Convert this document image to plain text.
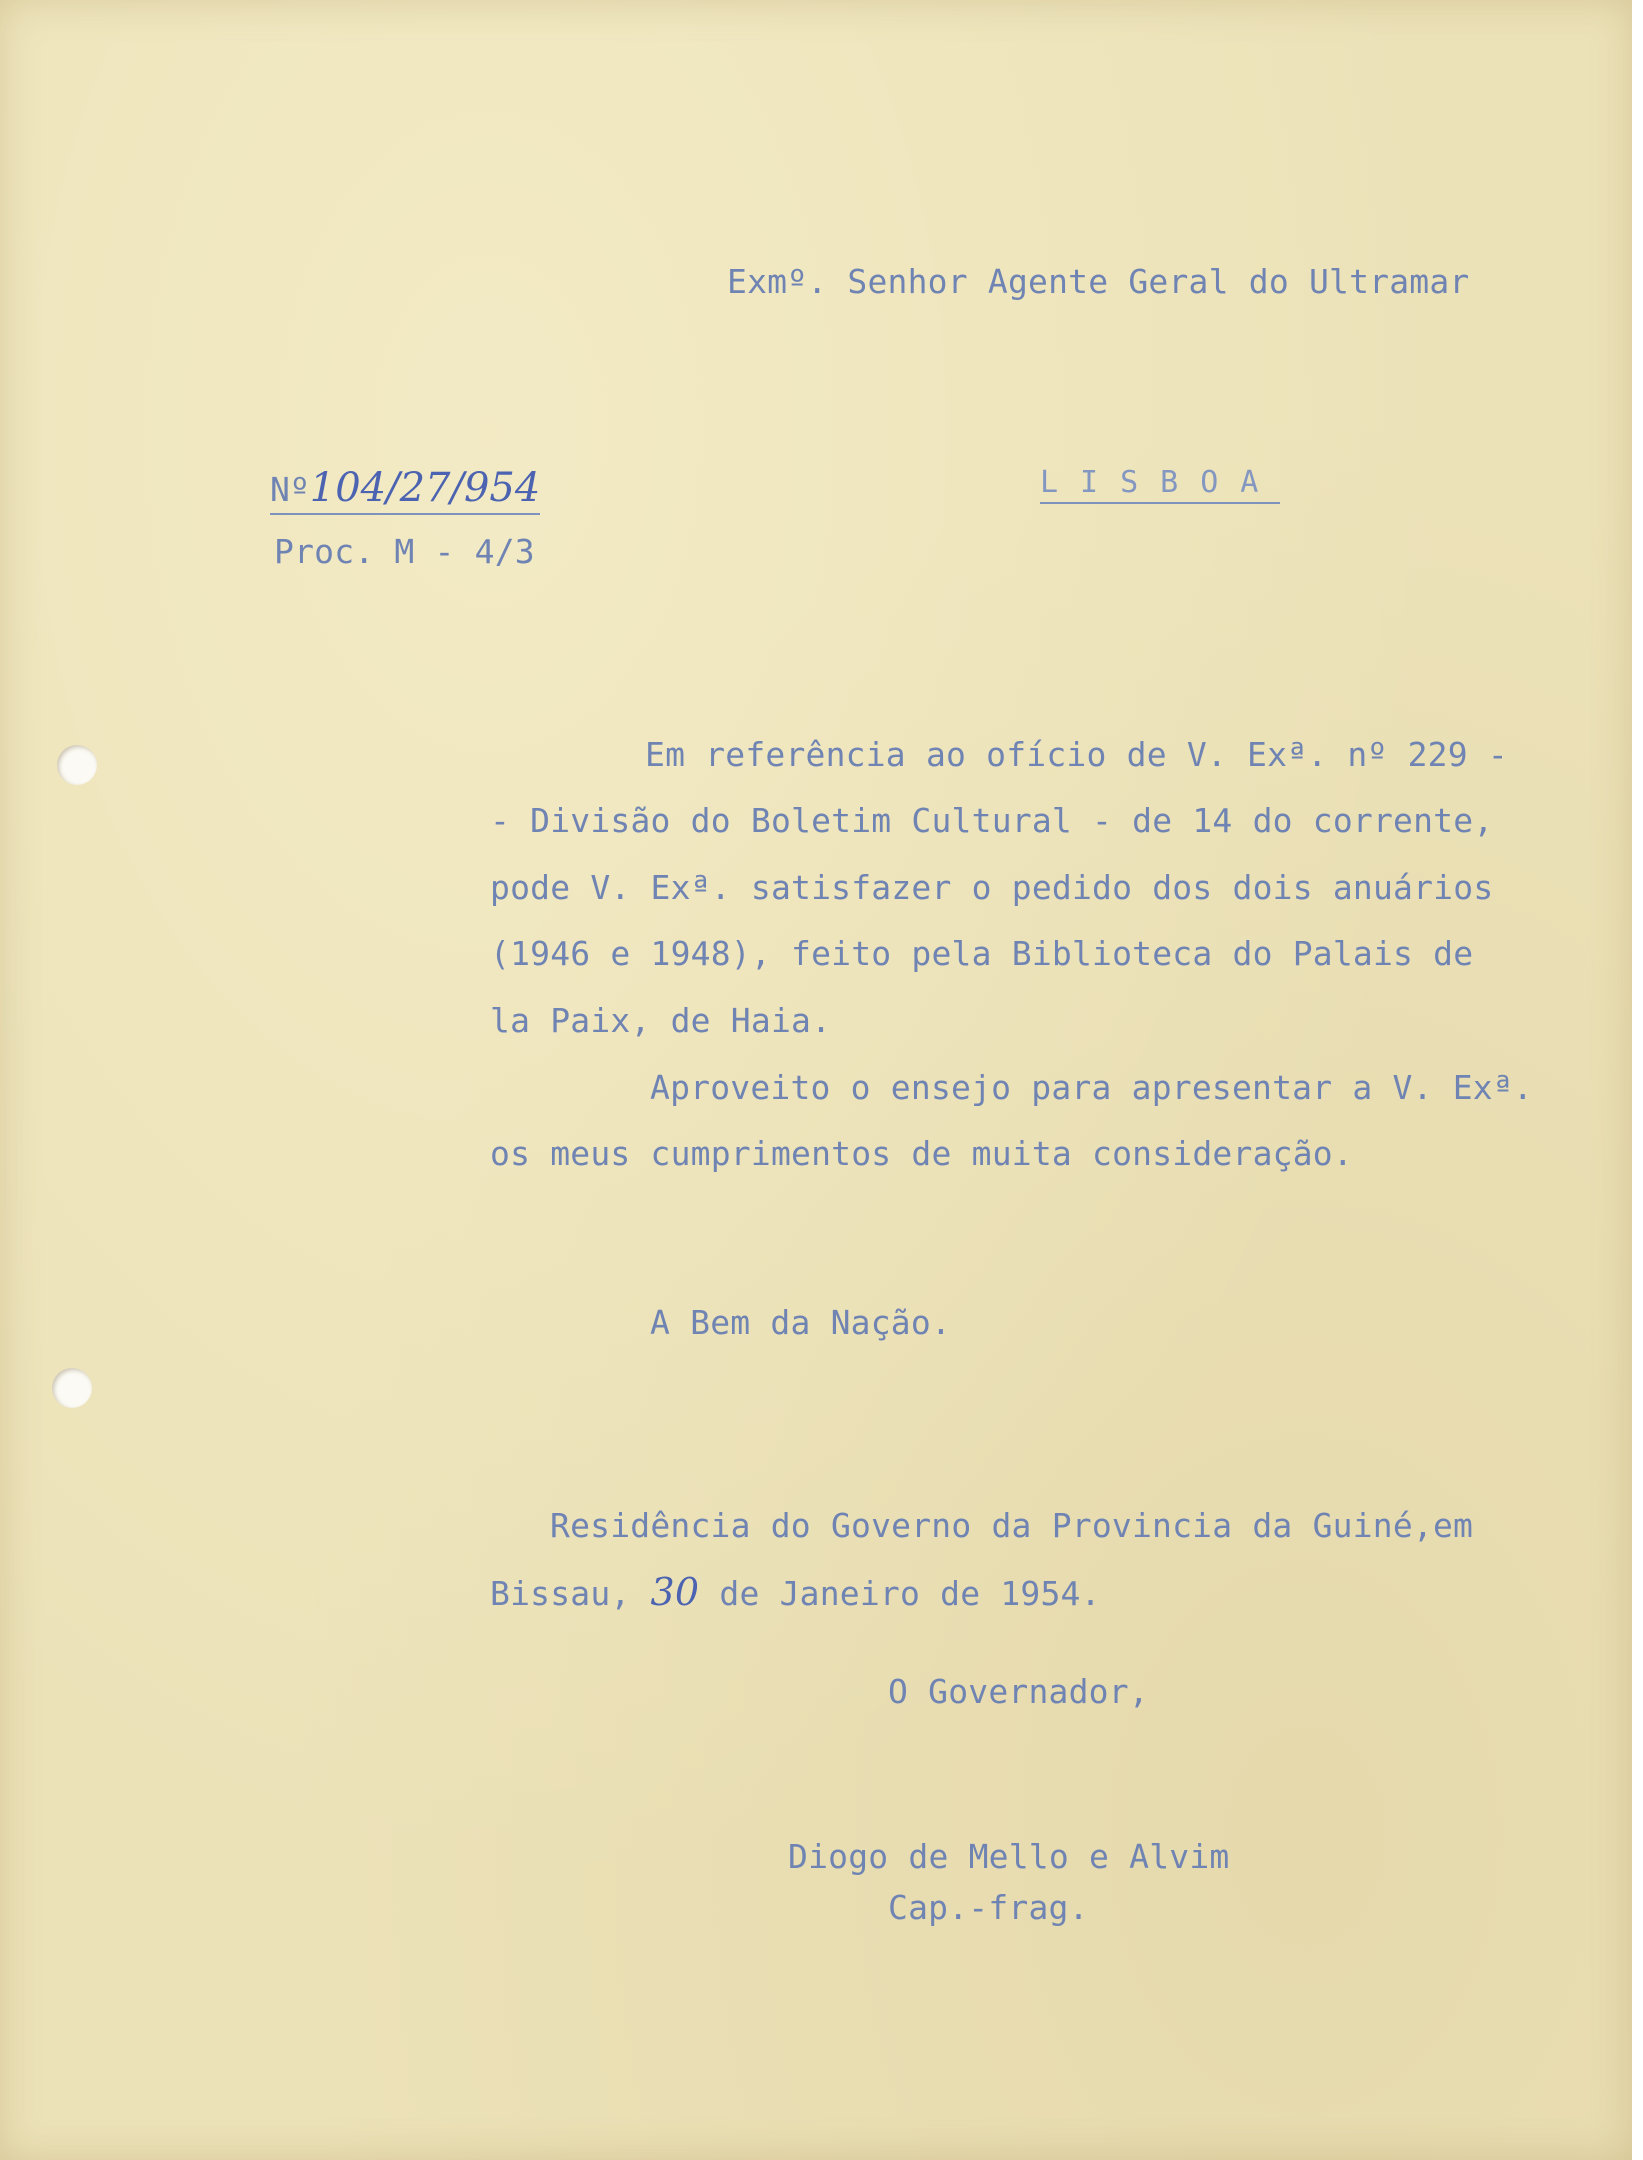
Exmº. Senhor Agente Geral do Ultramar

Nº 104/27/954	LISBOA

Proc. M - 4/3

Em referência ao ofício de V. Exª. nº 229 -

- Divisão do Boletim Cultural - de 14 do corrente,

pode V. Exª. satisfazer o pedido dos dois anuários

(1946 e 1948), feito pela Biblioteca do Palais de

la Paix, de Haia.

Aproveito o ensejo para apresentar a V. Exª.

os meus cumprimentos de muita consideração.

A Bem da Nação.

Residência do Governo da Provincia da Guiné,em

Bissau, 30 de Janeiro de 1954.

O Governador,

Diogo de Mello e Alvim

Cap.-frag.
